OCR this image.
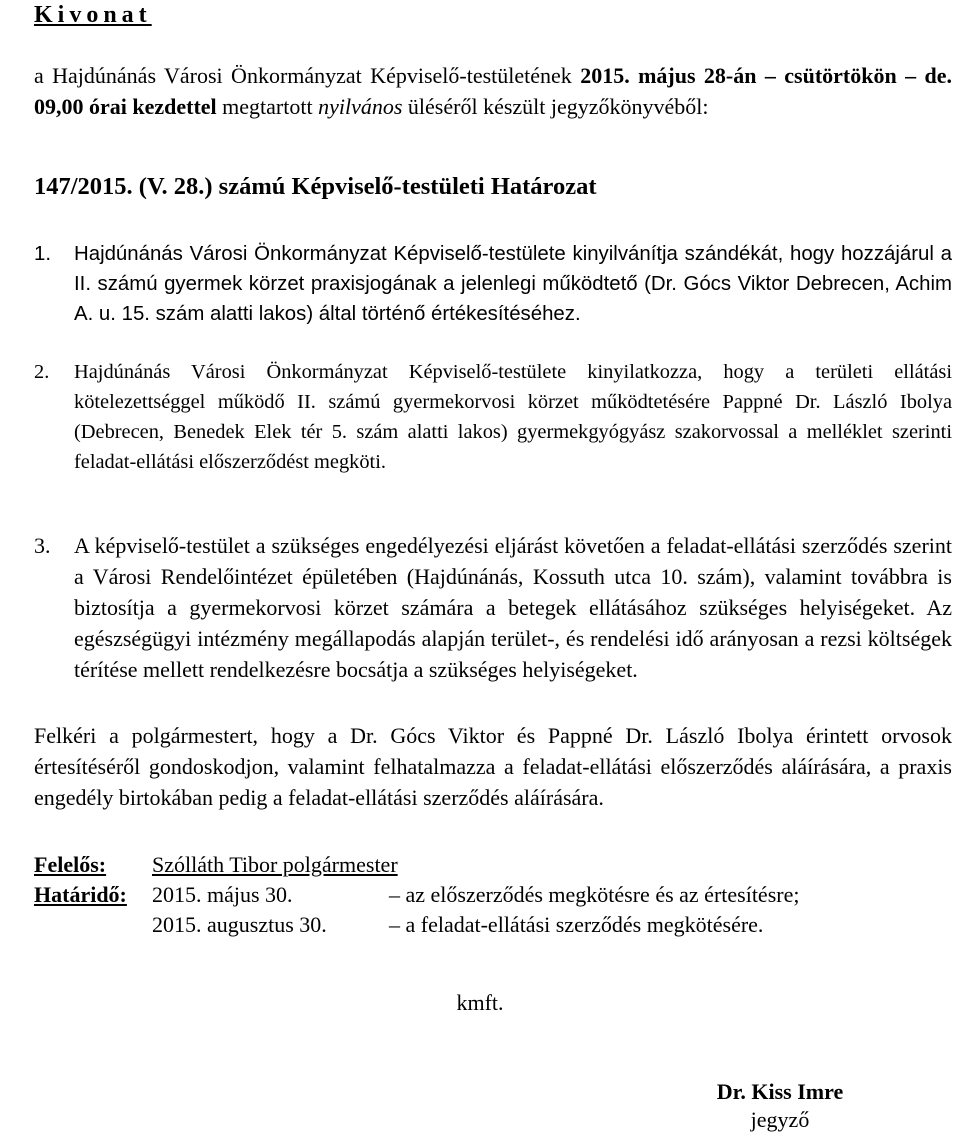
Kivonat
a Hajdúnánás Városi Önkormányzat Képviselő-testületének 2015. május 28-án – csütörtökön – de. 09,00 órai kezdettel megtartott nyilvános üléséről készült jegyzőkönyvéből:
147/2015. (V. 28.) számú Képviselő-testületi Határozat
1.	Hajdúnánás Városi Önkormányzat Képviselő-testülete kinyilvánítja szándékát, hogy hozzájárul a II. számú gyermek körzet praxisjogának a jelenlegi működtető (Dr. Gócs Viktor Debrecen, Achim A. u. 15. szám alatti lakos) által történő értékesítéséhez.
2.	Hajdúnánás Városi Önkormányzat Képviselő-testülete kinyilatkozza, hogy a területi ellátási kötelezettséggel működő II. számú gyermekorvosi körzet működtetésére Pappné Dr. László Ibolya (Debrecen, Benedek Elek tér 5. szám alatti lakos) gyermekgyógyász szakorvossal a melléklet szerinti feladat-ellátási előszerződést megköti.
3.	A képviselő-testület a szükséges engedélyezési eljárást követően a feladat-ellátási szerződés szerint a Városi Rendelőintézet épületében (Hajdúnánás, Kossuth utca 10. szám), valamint továbbra is biztosítja a gyermekorvosi körzet számára a betegek ellátásához szükséges helyiségeket. Az egészségügyi intézmény megállapodás alapján terület-, és rendelési idő arányosan a rezsi költségek térítése mellett rendelkezésre bocsátja a szükséges helyiségeket.
Felkéri a polgármestert, hogy a Dr. Gócs Viktor és Pappné Dr. László Ibolya érintett orvosok értesítéséről gondoskodjon, valamint felhatalmazza a feladat-ellátási előszerződés aláírására, a praxis engedély birtokában pedig a feladat-ellátási szerződés aláírására.
Felelős: Szólláth Tibor polgármester
Határidő: 2015. május 30.	– az előszerződés megkötésre és az értesítésre;
2015. augusztus 30.	– a feladat-ellátási szerződés megkötésére.
kmft.
Dr. Kiss Imre
jegyző
